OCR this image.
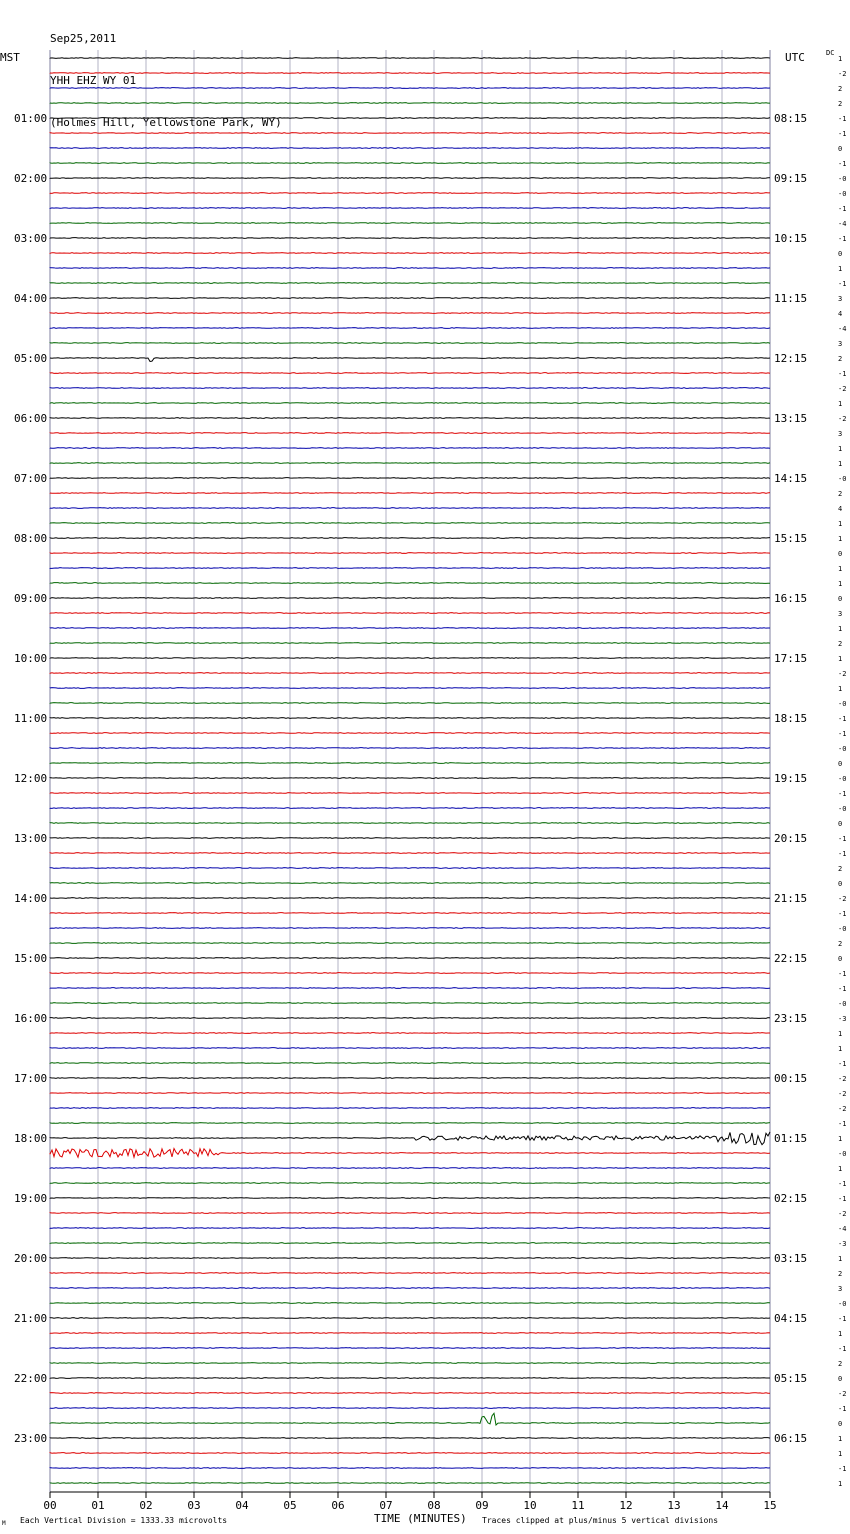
Sep25,2011

YHH EHZ WY 01

(Holmes Hill, Yellowstone Park, WY)

MST	UTC	DC
01:00
02:00
03:00
04:00
05:00
06:00
07:00
08:00
09:00
10:00
11:00
12:00
13:00
14:00
15:00
16:00
17:00
18:00
19:00
20:00
21:00
22:00
23:00
08:15
09:15
10:15
11:15
12:15
13:15
14:15
15:15
16:15
17:15
18:15
19:15
20:15
21:15
22:15
23:15
00:15
01:15
02:15
03:15
04:15
05:15
06:15
1
-2
2
2
-1
-1
0
-1
-0
-0
-1
-4
-1
0
1
-1
3
4
-4
3
2
-1
-2
1
-2
3
1
1
-0
2
4
1
1
0
1
1
0
3
1
2
1
-2
1
-0
-1
-1
-0
0
-0
-1
-0
0
-1
-1
2
0
-2
-1
-0
2
0
-1
-1
-0
-3
1
1
-1
-2
-2
-2
-1
1
-0
1
-1
-1
-2
-4
-3
1
2
3
-0
-1
1
-1
2
0
-2
-1
0
1
1
-1
1
00	01	02	03	04	05	06	07	08	09	10	11	12	13	14	15
M Each Vertical Division = 1333.33 microvolts	TIME (MINUTES) Traces clipped at plus/minus 5 vertical divisions
